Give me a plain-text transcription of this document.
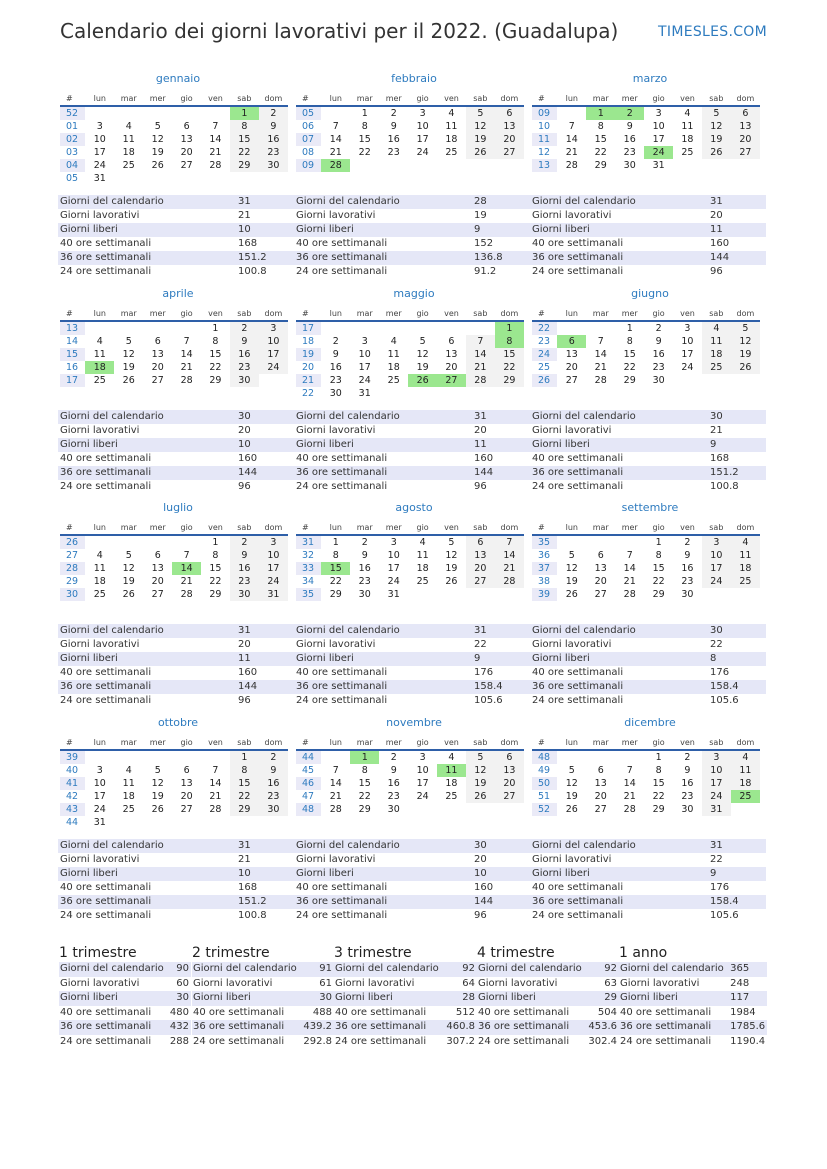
Calendario dei giorni lavorativi per il 2022. (Guadalupa)	TIMESLES.COM
gennaio
#	lun	mar	mer	gio	ven	sab	dom
52						1	2
01	3	4	5	6	7	8	9
02	10	11	12	13	14	15	16
03	17	18	19	20	21	22	23
04	24	25	26	27	28	29	30
05	31						
Giorni del calendario	31
Giorni lavorativi	21
Giorni liberi	10
40 ore settimanali	168
36 ore settimanali	151.2
24 ore settimanali	100.8
febbraio
#	lun	mar	mer	gio	ven	sab	dom
05		1	2	3	4	5	6
06	7	8	9	10	11	12	13
07	14	15	16	17	18	19	20
08	21	22	23	24	25	26	27
09	28						
Giorni del calendario	28
Giorni lavorativi	19
Giorni liberi	9
40 ore settimanali	152
36 ore settimanali	136.8
24 ore settimanali	91.2
marzo
#	lun	mar	mer	gio	ven	sab	dom
09		1	2	3	4	5	6
10	7	8	9	10	11	12	13
11	14	15	16	17	18	19	20
12	21	22	23	24	25	26	27
13	28	29	30	31			
Giorni del calendario	31
Giorni lavorativi	20
Giorni liberi	11
40 ore settimanali	160
36 ore settimanali	144
24 ore settimanali	96
aprile
#	lun	mar	mer	gio	ven	sab	dom
13					1	2	3
14	4	5	6	7	8	9	10
15	11	12	13	14	15	16	17
16	18	19	20	21	22	23	24
17	25	26	27	28	29	30	
Giorni del calendario	30
Giorni lavorativi	20
Giorni liberi	10
40 ore settimanali	160
36 ore settimanali	144
24 ore settimanali	96
maggio
#	lun	mar	mer	gio	ven	sab	dom
17							1
18	2	3	4	5	6	7	8
19	9	10	11	12	13	14	15
20	16	17	18	19	20	21	22
21	23	24	25	26	27	28	29
22	30	31					
Giorni del calendario	31
Giorni lavorativi	20
Giorni liberi	11
40 ore settimanali	160
36 ore settimanali	144
24 ore settimanali	96
giugno
#	lun	mar	mer	gio	ven	sab	dom
22			1	2	3	4	5
23	6	7	8	9	10	11	12
24	13	14	15	16	17	18	19
25	20	21	22	23	24	25	26
26	27	28	29	30			
Giorni del calendario	30
Giorni lavorativi	21
Giorni liberi	9
40 ore settimanali	168
36 ore settimanali	151.2
24 ore settimanali	100.8
luglio
#	lun	mar	mer	gio	ven	sab	dom
26					1	2	3
27	4	5	6	7	8	9	10
28	11	12	13	14	15	16	17
29	18	19	20	21	22	23	24
30	25	26	27	28	29	30	31
Giorni del calendario	31
Giorni lavorativi	20
Giorni liberi	11
40 ore settimanali	160
36 ore settimanali	144
24 ore settimanali	96
agosto
#	lun	mar	mer	gio	ven	sab	dom
31	1	2	3	4	5	6	7
32	8	9	10	11	12	13	14
33	15	16	17	18	19	20	21
34	22	23	24	25	26	27	28
35	29	30	31				
Giorni del calendario	31
Giorni lavorativi	22
Giorni liberi	9
40 ore settimanali	176
36 ore settimanali	158.4
24 ore settimanali	105.6
settembre
#	lun	mar	mer	gio	ven	sab	dom
35				1	2	3	4
36	5	6	7	8	9	10	11
37	12	13	14	15	16	17	18
38	19	20	21	22	23	24	25
39	26	27	28	29	30		
Giorni del calendario	30
Giorni lavorativi	22
Giorni liberi	8
40 ore settimanali	176
36 ore settimanali	158.4
24 ore settimanali	105.6
ottobre
#	lun	mar	mer	gio	ven	sab	dom
39						1	2
40	3	4	5	6	7	8	9
41	10	11	12	13	14	15	16
42	17	18	19	20	21	22	23
43	24	25	26	27	28	29	30
44	31						
Giorni del calendario	31
Giorni lavorativi	21
Giorni liberi	10
40 ore settimanali	168
36 ore settimanali	151.2
24 ore settimanali	100.8
novembre
#	lun	mar	mer	gio	ven	sab	dom
44		1	2	3	4	5	6
45	7	8	9	10	11	12	13
46	14	15	16	17	18	19	20
47	21	22	23	24	25	26	27
48	28	29	30				
Giorni del calendario	30
Giorni lavorativi	20
Giorni liberi	10
40 ore settimanali	160
36 ore settimanali	144
24 ore settimanali	96
dicembre
#	lun	mar	mer	gio	ven	sab	dom
48				1	2	3	4
49	5	6	7	8	9	10	11
50	12	13	14	15	16	17	18
51	19	20	21	22	23	24	25
52	26	27	28	29	30	31	
Giorni del calendario	31
Giorni lavorativi	22
Giorni liberi	9
40 ore settimanali	176
36 ore settimanali	158.4
24 ore settimanali	105.6
1 trimestre
Giorni del calendario	90
Giorni lavorativi	60
Giorni liberi	30
40 ore settimanali	480
36 ore settimanali	432
24 ore settimanali	288
2 trimestre
Giorni del calendario	91
Giorni lavorativi	61
Giorni liberi	30
40 ore settimanali	488
36 ore settimanali	439.2
24 ore settimanali	292.8
3 trimestre
Giorni del calendario	92
Giorni lavorativi	64
Giorni liberi	28
40 ore settimanali	512
36 ore settimanali	460.8
24 ore settimanali	307.2
4 trimestre
Giorni del calendario	92
Giorni lavorativi	63
Giorni liberi	29
40 ore settimanali	504
36 ore settimanali	453.6
24 ore settimanali	302.4
1 anno
Giorni del calendario	365
Giorni lavorativi	248
Giorni liberi	117
40 ore settimanali	1984
36 ore settimanali	1785.6
24 ore settimanali	1190.4
